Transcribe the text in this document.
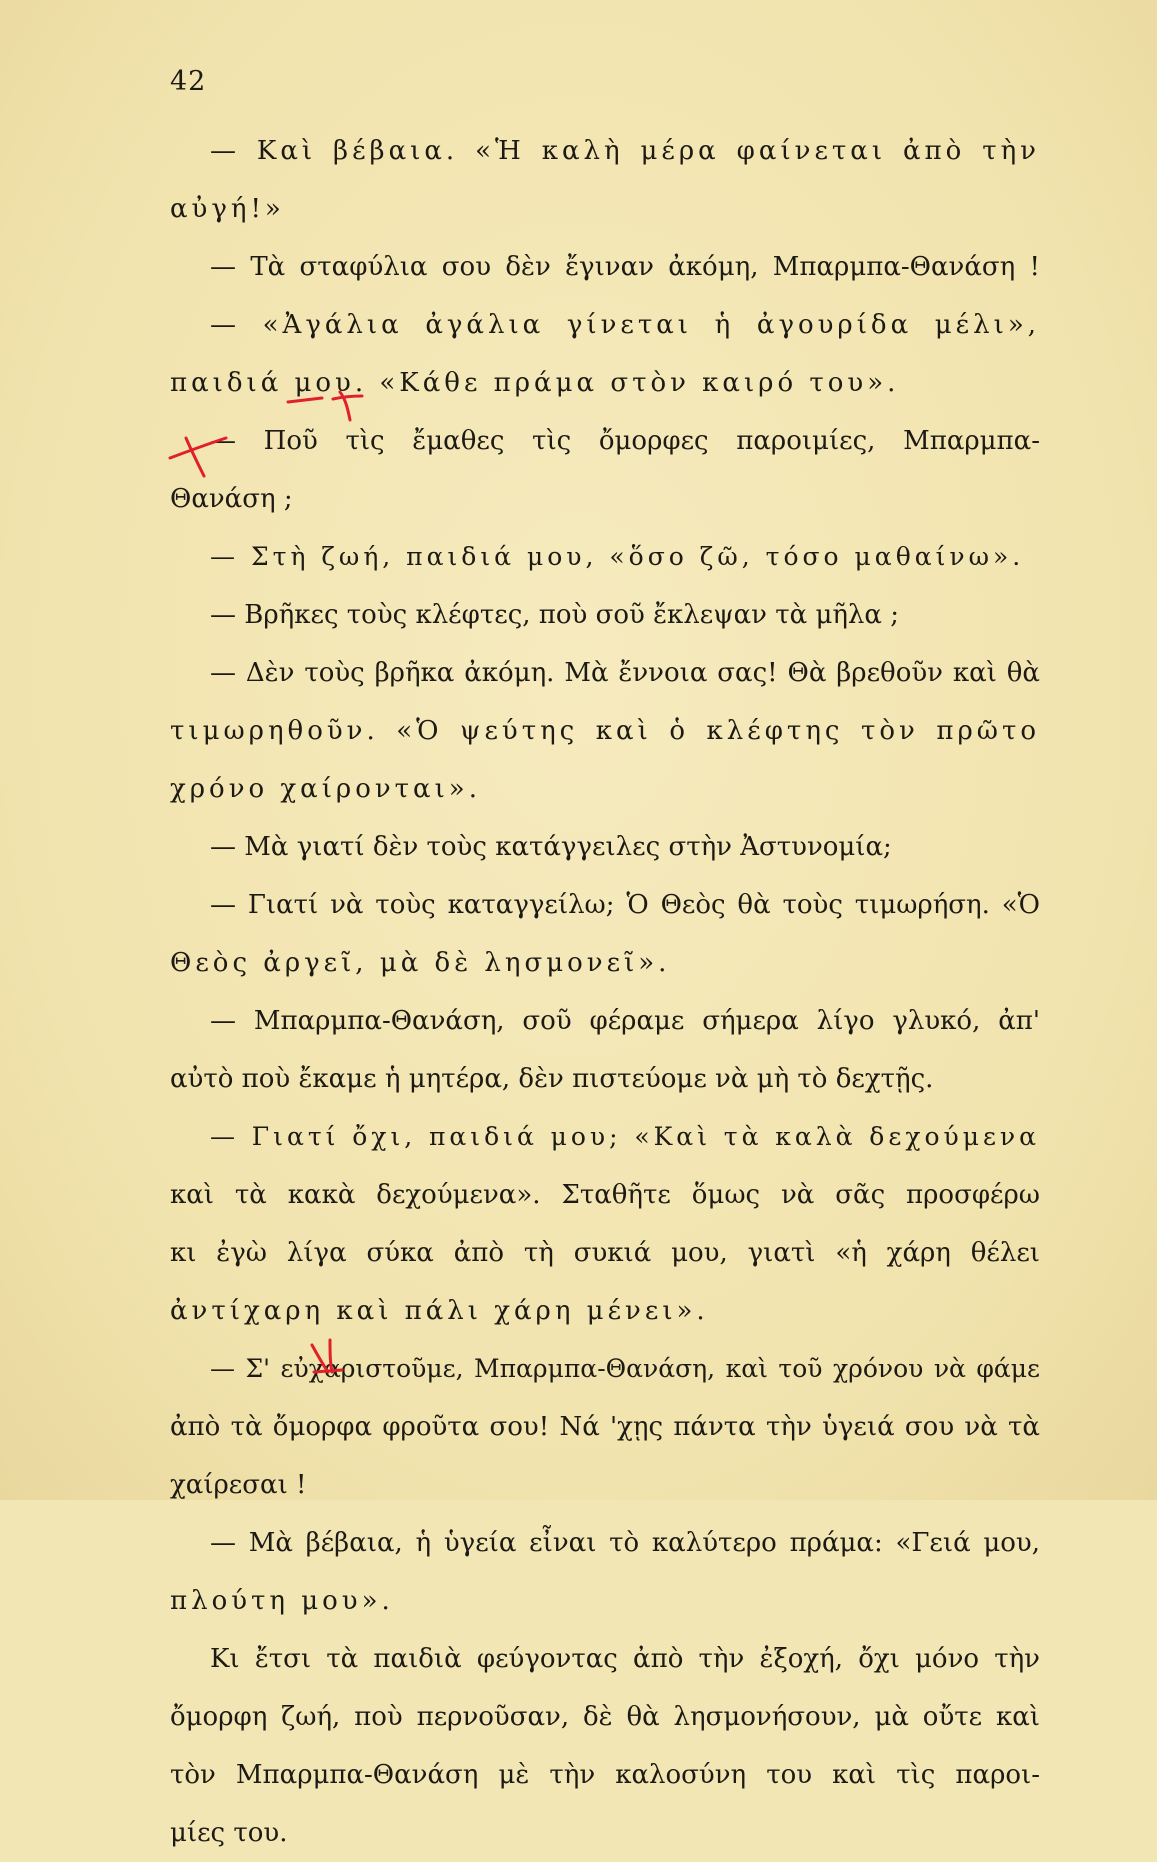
42
— Καὶ βέβαια. «Ἡ καλὴ μέρα φαίνεται ἀπὸ τὴν
αὐγή!»
— Τὰ σταφύλια σου δὲν ἔγιναν ἀκόμη, Μπαρμπα-Θανάση !
— «Ἀγάλια ἀγάλια γίνεται ἡ ἀγουρίδα μέλι»,
παιδιά μου. «Κάθε πράμα στὸν καιρό του».
— Ποῦ τὶς ἔμαθες τὶς ὄμορφες παροιμίες, Μπαρμπα-
Θανάση ;
— Στὴ ζωή, παιδιά μου, «ὅσο ζῶ, τόσο μαθαίνω».
— Βρῆκες τοὺς κλέφτες, ποὺ σοῦ ἔκλεψαν τὰ μῆλα ;
— Δὲν τοὺς βρῆκα ἀκόμη. Μὰ ἔννοια σας! Θὰ βρεθοῦν καὶ θὰ
τιμωρηθοῦν. «Ὁ ψεύτης καὶ ὁ κλέφτης τὸν πρῶτο
χρόνο χαίρονται».
— Μὰ γιατί δὲν τοὺς κατάγγειλες στὴν Ἀστυνομία;
— Γιατί νὰ τοὺς καταγγείλω; Ὁ Θεὸς θὰ τοὺς τιμωρήση. «Ὁ
Θεὸς ἀργεῖ, μὰ δὲ λησμονεῖ».
— Μπαρμπα-Θανάση, σοῦ φέραμε σήμερα λίγο γλυκό, ἀπ'
αὐτὸ ποὺ ἔκαμε ἡ μητέρα, δὲν πιστεύομε νὰ μὴ τὸ δεχτῇς.
— Γιατί ὄχι, παιδιά μου; «Καὶ τὰ καλὰ δεχούμενα
καὶ τὰ κακὰ δεχούμενα». Σταθῆτε ὅμως νὰ σᾶς προσφέρω
κι ἐγὼ λίγα σύκα ἀπὸ τὴ συκιά μου, γιατὶ «ἡ χάρη θέλει
ἀντίχαρη καὶ πάλι χάρη μένει».
— Σ' εὐχαριστοῦμε, Μπαρμπα-Θανάση, καὶ τοῦ χρόνου νὰ φάμε
ἀπὸ τὰ ὄμορφα φροῦτα σου! Νά 'χῃς πάντα τὴν ὑγειά σου νὰ τὰ
χαίρεσαι !
— Μὰ βέβαια, ἡ ὑγεία εἶναι τὸ καλύτερο πράμα: «Γειά μου,
πλούτη μου».
Κι ἔτσι τὰ παιδιὰ φεύγοντας ἀπὸ τὴν ἐξοχή, ὄχι μόνο τὴν
ὄμορφη ζωή, ποὺ περνοῦσαν, δὲ θὰ λησμονήσουν, μὰ οὔτε καὶ
τὸν Μπαρμπα-Θανάση μὲ τὴν καλοσύνη του καὶ τὶς παροι-
μίες του.
